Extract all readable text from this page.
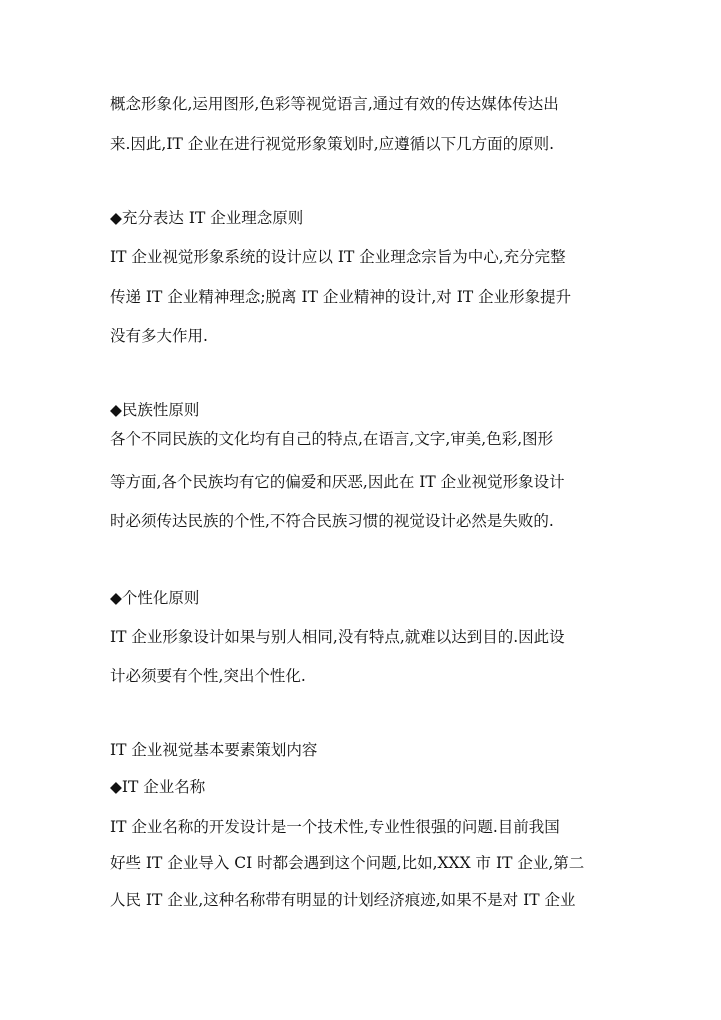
概念形象化,运用图形,色彩等视觉语言,通过有效的传达媒体传达出
来.因此,IT 企业在进行视觉形象策划时,应遵循以下几方面的原则.
◆充分表达 IT 企业理念原则
IT 企业视觉形象系统的设计应以 IT 企业理念宗旨为中心,充分完整
传递 IT 企业精神理念;脱离 IT 企业精神的设计,对 IT 企业形象提升
没有多大作用.
◆民族性原则
各个不同民族的文化均有自己的特点,在语言,文字,审美,色彩,图形
等方面,各个民族均有它的偏爱和厌恶,因此在 IT 企业视觉形象设计
时必须传达民族的个性,不符合民族习惯的视觉设计必然是失败的.
◆个性化原则
IT 企业形象设计如果与别人相同,没有特点,就难以达到目的.因此设
计必须要有个性,突出个性化.
IT 企业视觉基本要素策划内容
◆IT 企业名称
IT 企业名称的开发设计是一个技术性,专业性很强的问题.目前我国
好些 IT 企业导入 CI 时都会遇到这个问题,比如,XXX 市 IT 企业,第二
人民 IT 企业,这种名称带有明显的计划经济痕迹,如果不是对 IT 企业
